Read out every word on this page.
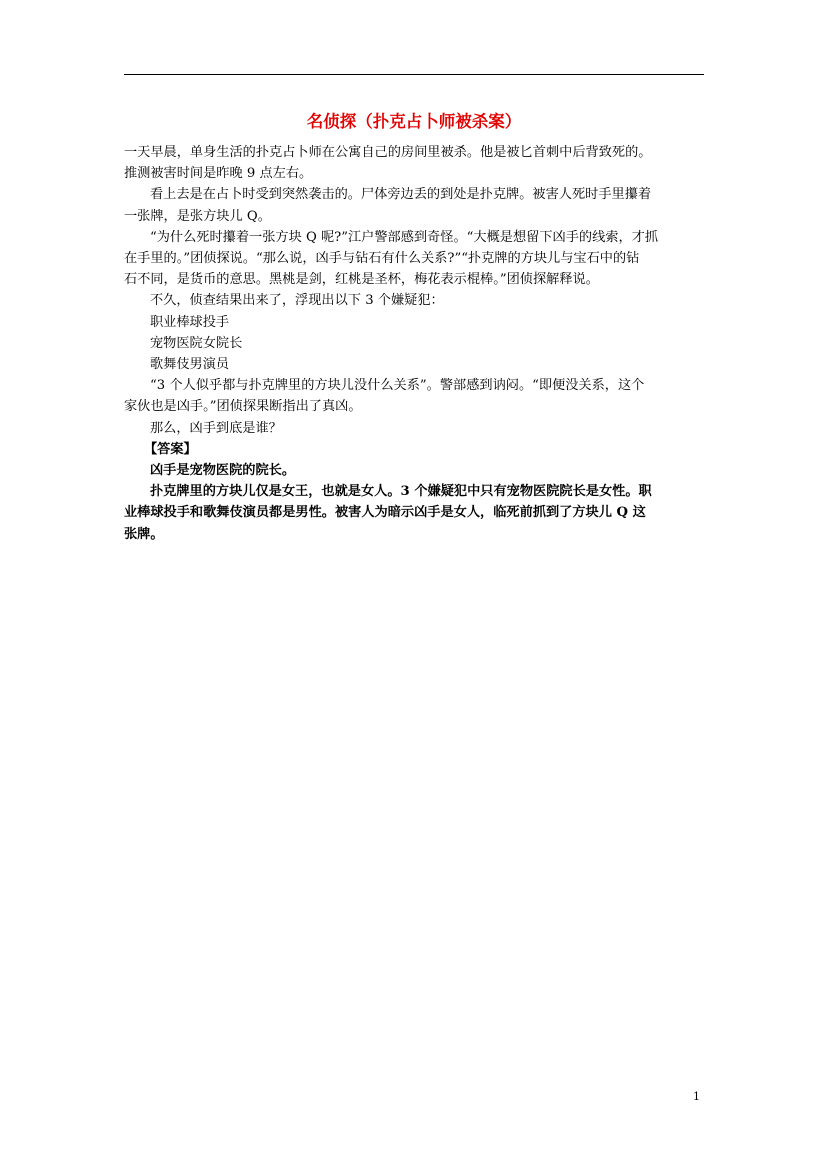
名侦探（扑克占卜师被杀案）
一天早晨，单身生活的扑克占卜师在公寓自己的房间里被杀。他是被匕首刺中后背致死的。
推测被害时间是昨晚 9 点左右。
看上去是在占卜时受到突然袭击的。尸体旁边丢的到处是扑克牌。被害人死时手里攥着
一张牌，是张方块儿 Q。
“为什么死时攥着一张方块 Q 呢?”江户警部感到奇怪。“大概是想留下凶手的线索，才抓
在手里的。”团侦探说。“那么说，凶手与钻石有什么关系?”“扑克牌的方块儿与宝石中的钻
石不同，是货币的意思。黑桃是剑，红桃是圣杯，梅花表示棍棒。”团侦探解释说。
不久，侦查结果出来了，浮现出以下 3 个嫌疑犯：
职业棒球投手
宠物医院女院长
歌舞伎男演员
“3 个人似乎都与扑克牌里的方块儿没什么关系”。警部感到讷闷。“即便没关系，这个
家伙也是凶手。”团侦探果断指出了真凶。
那么，凶手到底是谁？
【答案】
凶手是宠物医院的院长。
扑克牌里的方块儿仅是女王，也就是女人。3 个嫌疑犯中只有宠物医院院长是女性。职
业棒球投手和歌舞伎演员都是男性。被害人为暗示凶手是女人，临死前抓到了方块儿 Q 这
张牌。
1
